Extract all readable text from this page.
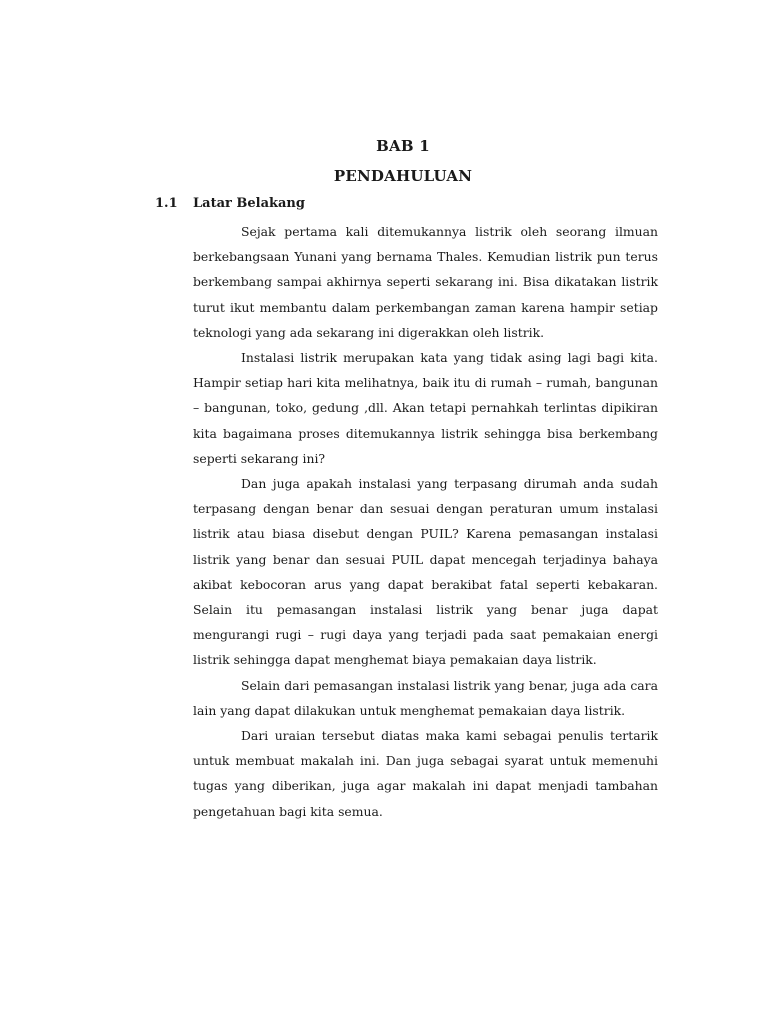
BAB 1
PENDAHULUAN
1.1 Latar Belakang

Sejak pertama kali ditemukannya listrik oleh seorang ilmuan berkebangsaan Yunani yang bernama Thales. Kemudian listrik pun terus berkembang sampai akhirnya seperti sekarang ini. Bisa dikatakan listrik turut ikut membantu dalam perkembangan zaman karena hampir setiap teknologi yang ada sekarang ini digerakkan oleh listrik.

Instalasi listrik merupakan kata yang tidak asing lagi bagi kita. Hampir setiap hari kita melihatnya, baik itu di rumah – rumah, bangunan – bangunan, toko, gedung ,dll. Akan tetapi pernahkah terlintas dipikiran kita bagaimana proses ditemukannya listrik sehingga bisa berkembang seperti sekarang ini?

Dan juga apakah instalasi yang terpasang dirumah anda sudah terpasang dengan benar dan sesuai dengan peraturan umum instalasi listrik atau biasa disebut dengan PUIL? Karena pemasangan instalasi listrik yang benar dan sesuai PUIL dapat mencegah terjadinya bahaya akibat kebocoran arus yang dapat berakibat fatal seperti kebakaran. Selain itu pemasangan instalasi listrik yang benar juga dapat mengurangi rugi – rugi daya yang terjadi pada saat pemakaian energi listrik sehingga dapat menghemat biaya pemakaian daya listrik.

Selain dari pemasangan instalasi listrik yang benar, juga ada cara lain yang dapat dilakukan untuk menghemat pemakaian daya listrik.

Dari uraian tersebut diatas maka kami sebagai penulis tertarik untuk membuat makalah ini. Dan juga sebagai syarat untuk memenuhi tugas yang diberikan, juga agar makalah ini dapat menjadi tambahan pengetahuan bagi kita semua.
